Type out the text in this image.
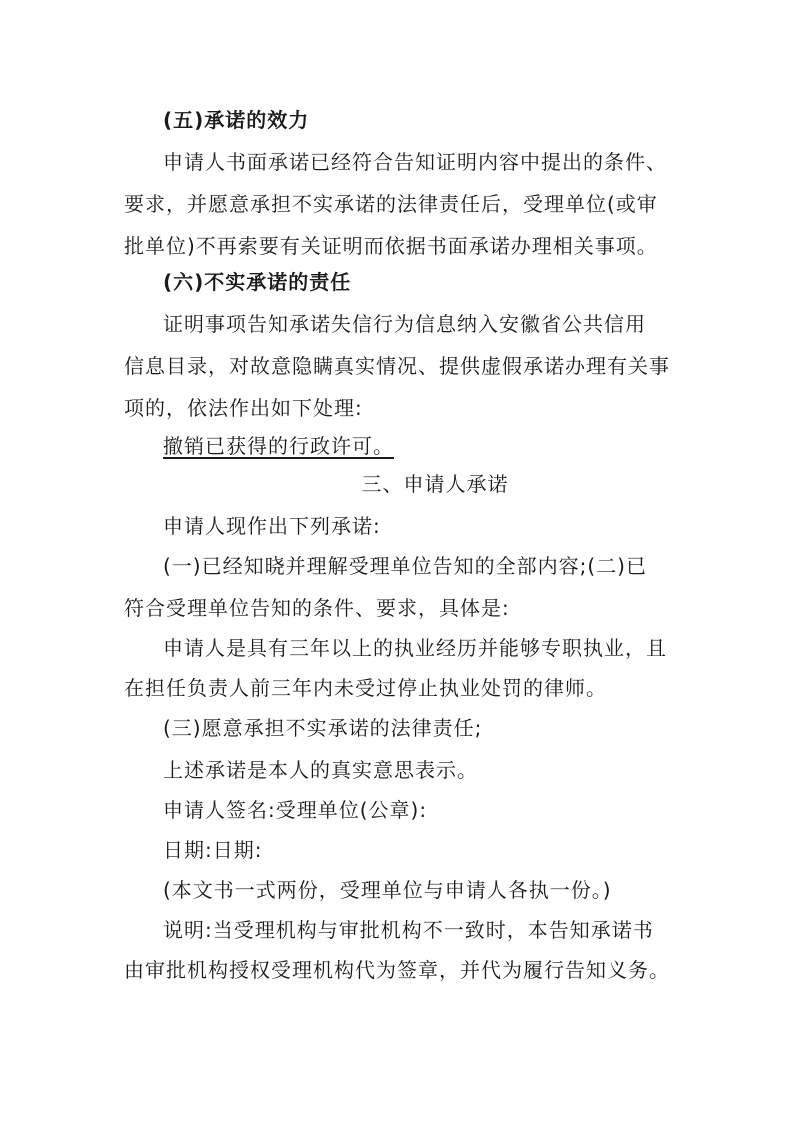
(五)承诺的效力
申请人书面承诺已经符合告知证明内容中提出的条件、
要求，并愿意承担不实承诺的法律责任后，受理单位(或审
批单位)不再索要有关证明而依据书面承诺办理相关事项。
(六)不实承诺的责任
证明事项告知承诺失信行为信息纳入安徽省公共信用
信息目录，对故意隐瞒真实情况、提供虚假承诺办理有关事
项的，依法作出如下处理:
撤销已获得的行政许可。
三、申请人承诺
申请人现作出下列承诺:
(一)已经知晓并理解受理单位告知的全部内容;(二)已
符合受理单位告知的条件、要求，具体是:
申请人是具有三年以上的执业经历并能够专职执业，且
在担任负责人前三年内未受过停止执业处罚的律师。
(三)愿意承担不实承诺的法律责任;
上述承诺是本人的真实意思表示。
申请人签名:受理单位(公章):
日期:日期:
(本文书一式两份，受理单位与申请人各执一份。)
说明:当受理机构与审批机构不一致时，本告知承诺书
由审批机构授权受理机构代为签章，并代为履行告知义务。
